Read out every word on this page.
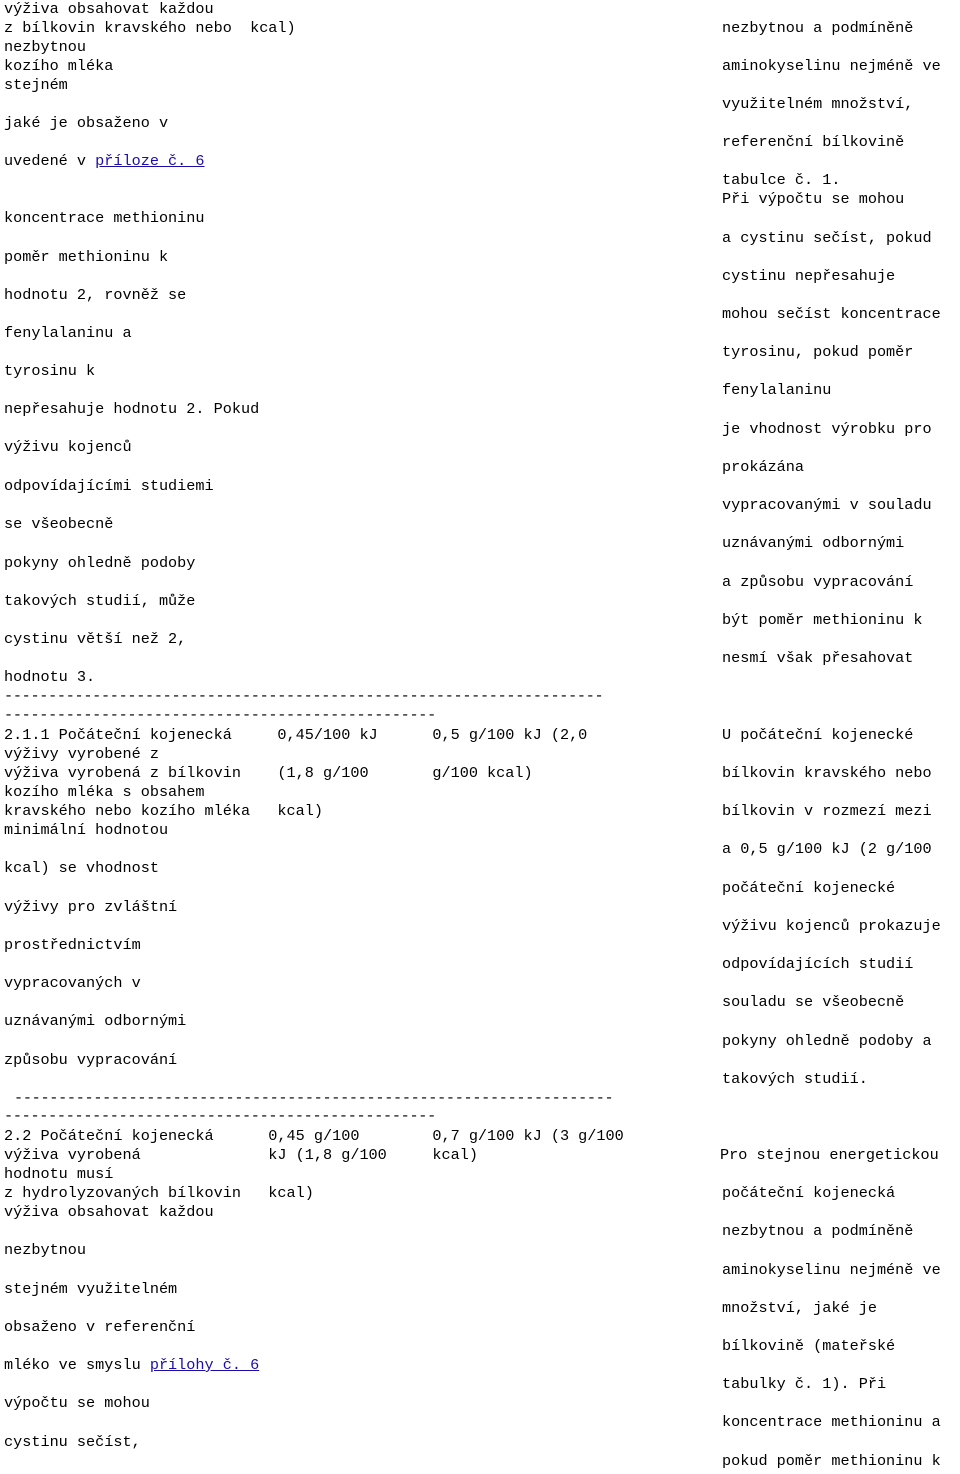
výživa obsahovat každou
z bílkovin kravského nebo  kcal)
nezbytnou
kozího mléka
stejném
jaké je obsaženo v
uvedené v příloze č. 6
koncentrace methioninu
poměr methioninu k
hodnotu 2, rovněž se
fenylalaninu a
tyrosinu k
nepřesahuje hodnotu 2. Pokud
výživu kojenců
odpovídajícími studiemi
se všeobecně
pokyny ohledně podoby
takových studií, může
cystinu větší než 2,
hodnotu 3.
nezbytnou a podmíněně
aminokyselinu nejméně ve
využitelném množství,
referenční bílkovině
tabulce č. 1.
Při výpočtu se mohou
a cystinu sečíst, pokud
cystinu nepřesahuje
mohou sečíst koncentrace
tyrosinu, pokud poměr
fenylalaninu
je vhodnost výrobku pro
prokázána
vypracovanými v souladu
uznávanými odbornými
a způsobu vypracování
být poměr methioninu k
nesmí však přesahovat
--------------------------------------------------------------------
-------------------------------------------------
2.1.1 Počáteční kojenecká     0,45/100 kJ      0,5 g/100 kJ (2,0
výživy vyrobené z
výživa vyrobená z bílkovin    (1,8 g/100       g/100 kcal)
kozího mléka s obsahem
kravského nebo kozího mléka   kcal)
minimální hodnotou
kcal) se vhodnost
výživy pro zvláštní
prostřednictvím
vypracovaných v
uznávanými odbornými
způsobu vypracování
U počáteční kojenecké
bílkovin kravského nebo
bílkovin v rozmezí mezi
a 0,5 g/100 kJ (2 g/100
počáteční kojenecké
výživu kojenců prokazuje
odpovídajících studií
souladu se všeobecně
pokyny ohledně podoby a
takových studií.
--------------------------------------------------------------------
-------------------------------------------------
2.2 Počáteční kojenecká      0,45 g/100        0,7 g/100 kJ (3 g/100
výživa vyrobená              kJ (1,8 g/100     kcal)
hodnotu musí
z hydrolyzovaných bílkovin   kcal)
výživa obsahovat každou
nezbytnou
stejném využitelném
obsaženo v referenční
mléko ve smyslu přílohy č. 6
výpočtu se mohou
cystinu sečíst,
Pro stejnou energetickou
počáteční kojenecká
nezbytnou a podmíněně
aminokyselinu nejméně ve
množství, jaké je
bílkovině (mateřské
tabulky č. 1). Při
koncentrace methioninu a
pokud poměr methioninu k
